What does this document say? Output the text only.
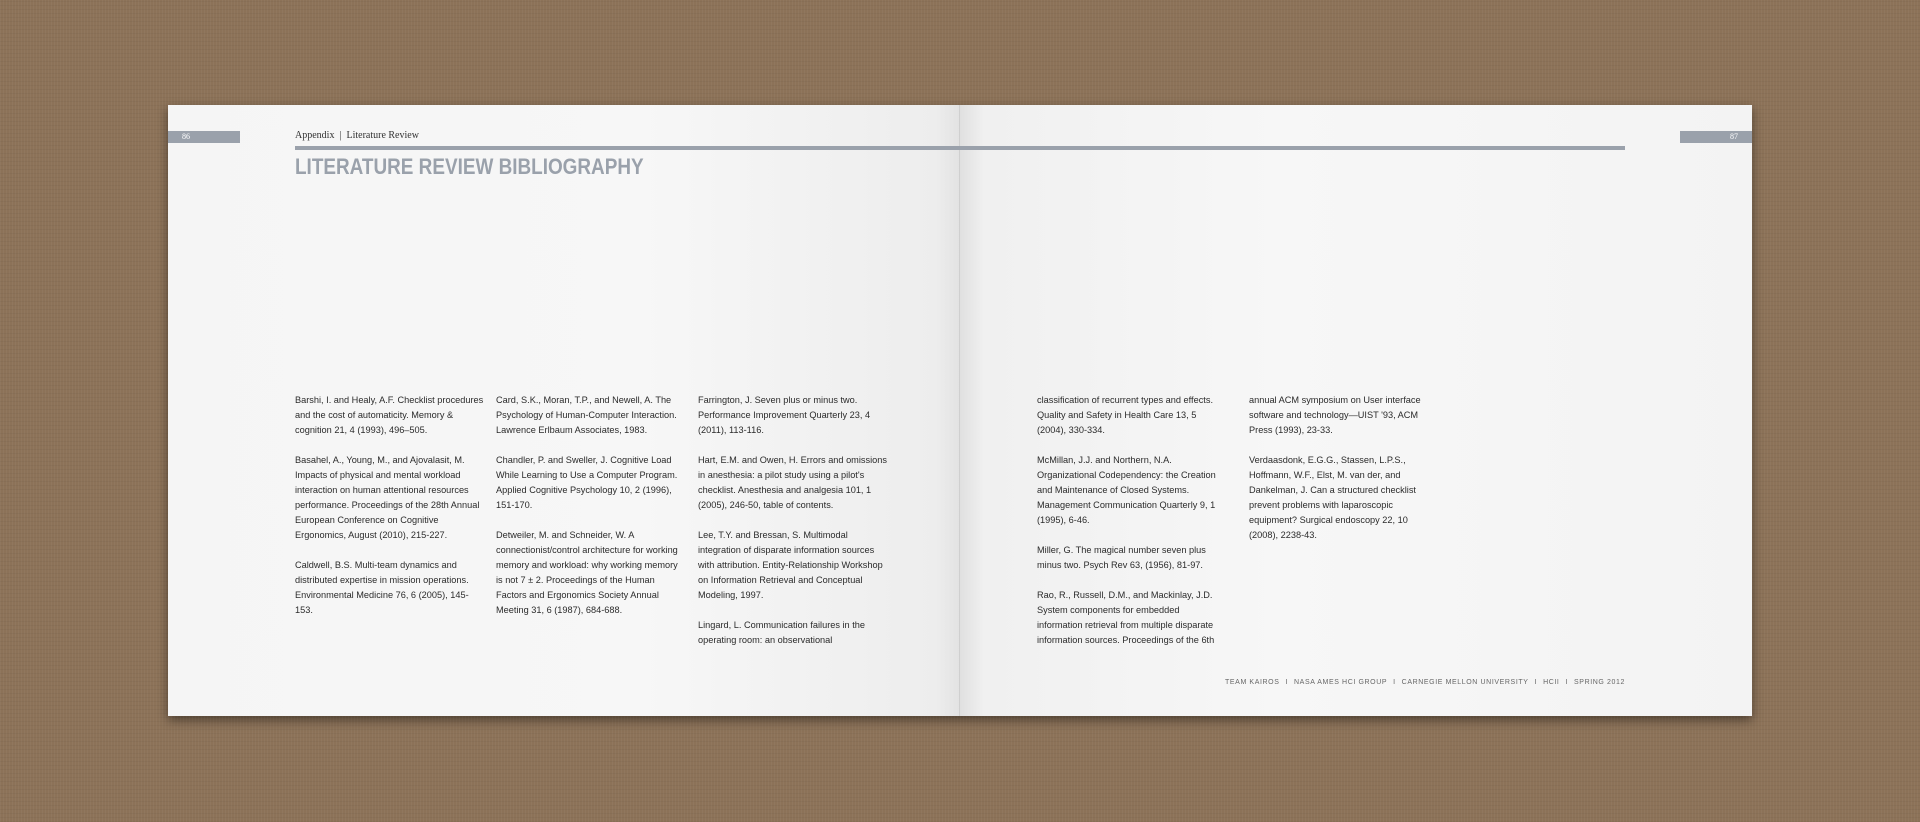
86	87
Appendix | Literature Review
LITERATURE REVIEW BIBLIOGRAPHY

Barshi, I. and Healy, A.F. Checklist procedures and the cost of automaticity. Memory & cognition 21, 4 (1993), 496–505.

Basahel, A., Young, M., and Ajovalasit, M. Impacts of physical and mental workload interaction on human attentional resources performance. Proceedings of the 28th Annual European Conference on Cognitive Ergonomics, August (2010), 215-227.

Caldwell, B.S. Multi-team dynamics and distributed expertise in mission operations. Environmental Medicine 76, 6 (2005), 145-153.

Card, S.K., Moran, T.P., and Newell, A. The Psychology of Human-Computer Interaction. Lawrence Erlbaum Associates, 1983.

Chandler, P. and Sweller, J. Cognitive Load While Learning to Use a Computer Program. Applied Cognitive Psychology 10, 2 (1996), 151-170.

Detweiler, M. and Schneider, W. A connectionist/control architecture for working memory and workload: why working memory is not 7 ± 2. Proceedings of the Human Factors and Ergonomics Society Annual Meeting 31, 6 (1987), 684-688.

Farrington, J. Seven plus or minus two. Performance Improvement Quarterly 23, 4 (2011), 113-116.

Hart, E.M. and Owen, H. Errors and omissions in anesthesia: a pilot study using a pilot's checklist. Anesthesia and analgesia 101, 1 (2005), 246-50, table of contents.

Lee, T.Y. and Bressan, S. Multimodal integration of disparate information sources with attribution. Entity-Relationship Workshop on Information Retrieval and Conceptual Modeling, 1997.

Lingard, L. Communication failures in the operating room: an observational

classification of recurrent types and effects. Quality and Safety in Health Care 13, 5 (2004), 330-334.

McMillan, J.J. and Northern, N.A. Organizational Codependency: the Creation and Maintenance of Closed Systems. Management Communication Quarterly 9, 1 (1995), 6-46.

Miller, G. The magical number seven plus minus two. Psych Rev 63, (1956), 81-97.

Rao, R., Russell, D.M., and Mackinlay, J.D. System components for embedded information retrieval from multiple disparate information sources. Proceedings of the 6th

annual ACM symposium on User interface software and technology—UIST '93, ACM Press (1993), 23-33.

Verdaasdonk, E.G.G., Stassen, L.P.S., Hoffmann, W.F., Elst, M. van der, and Dankelman, J. Can a structured checklist prevent problems with laparoscopic equipment? Surgical endoscopy 22, 10 (2008), 2238-43.

TEAM KAIROS I NASA AMES HCI GROUP I CARNEGIE MELLON UNIVERSITY I HCII I SPRING 2012
